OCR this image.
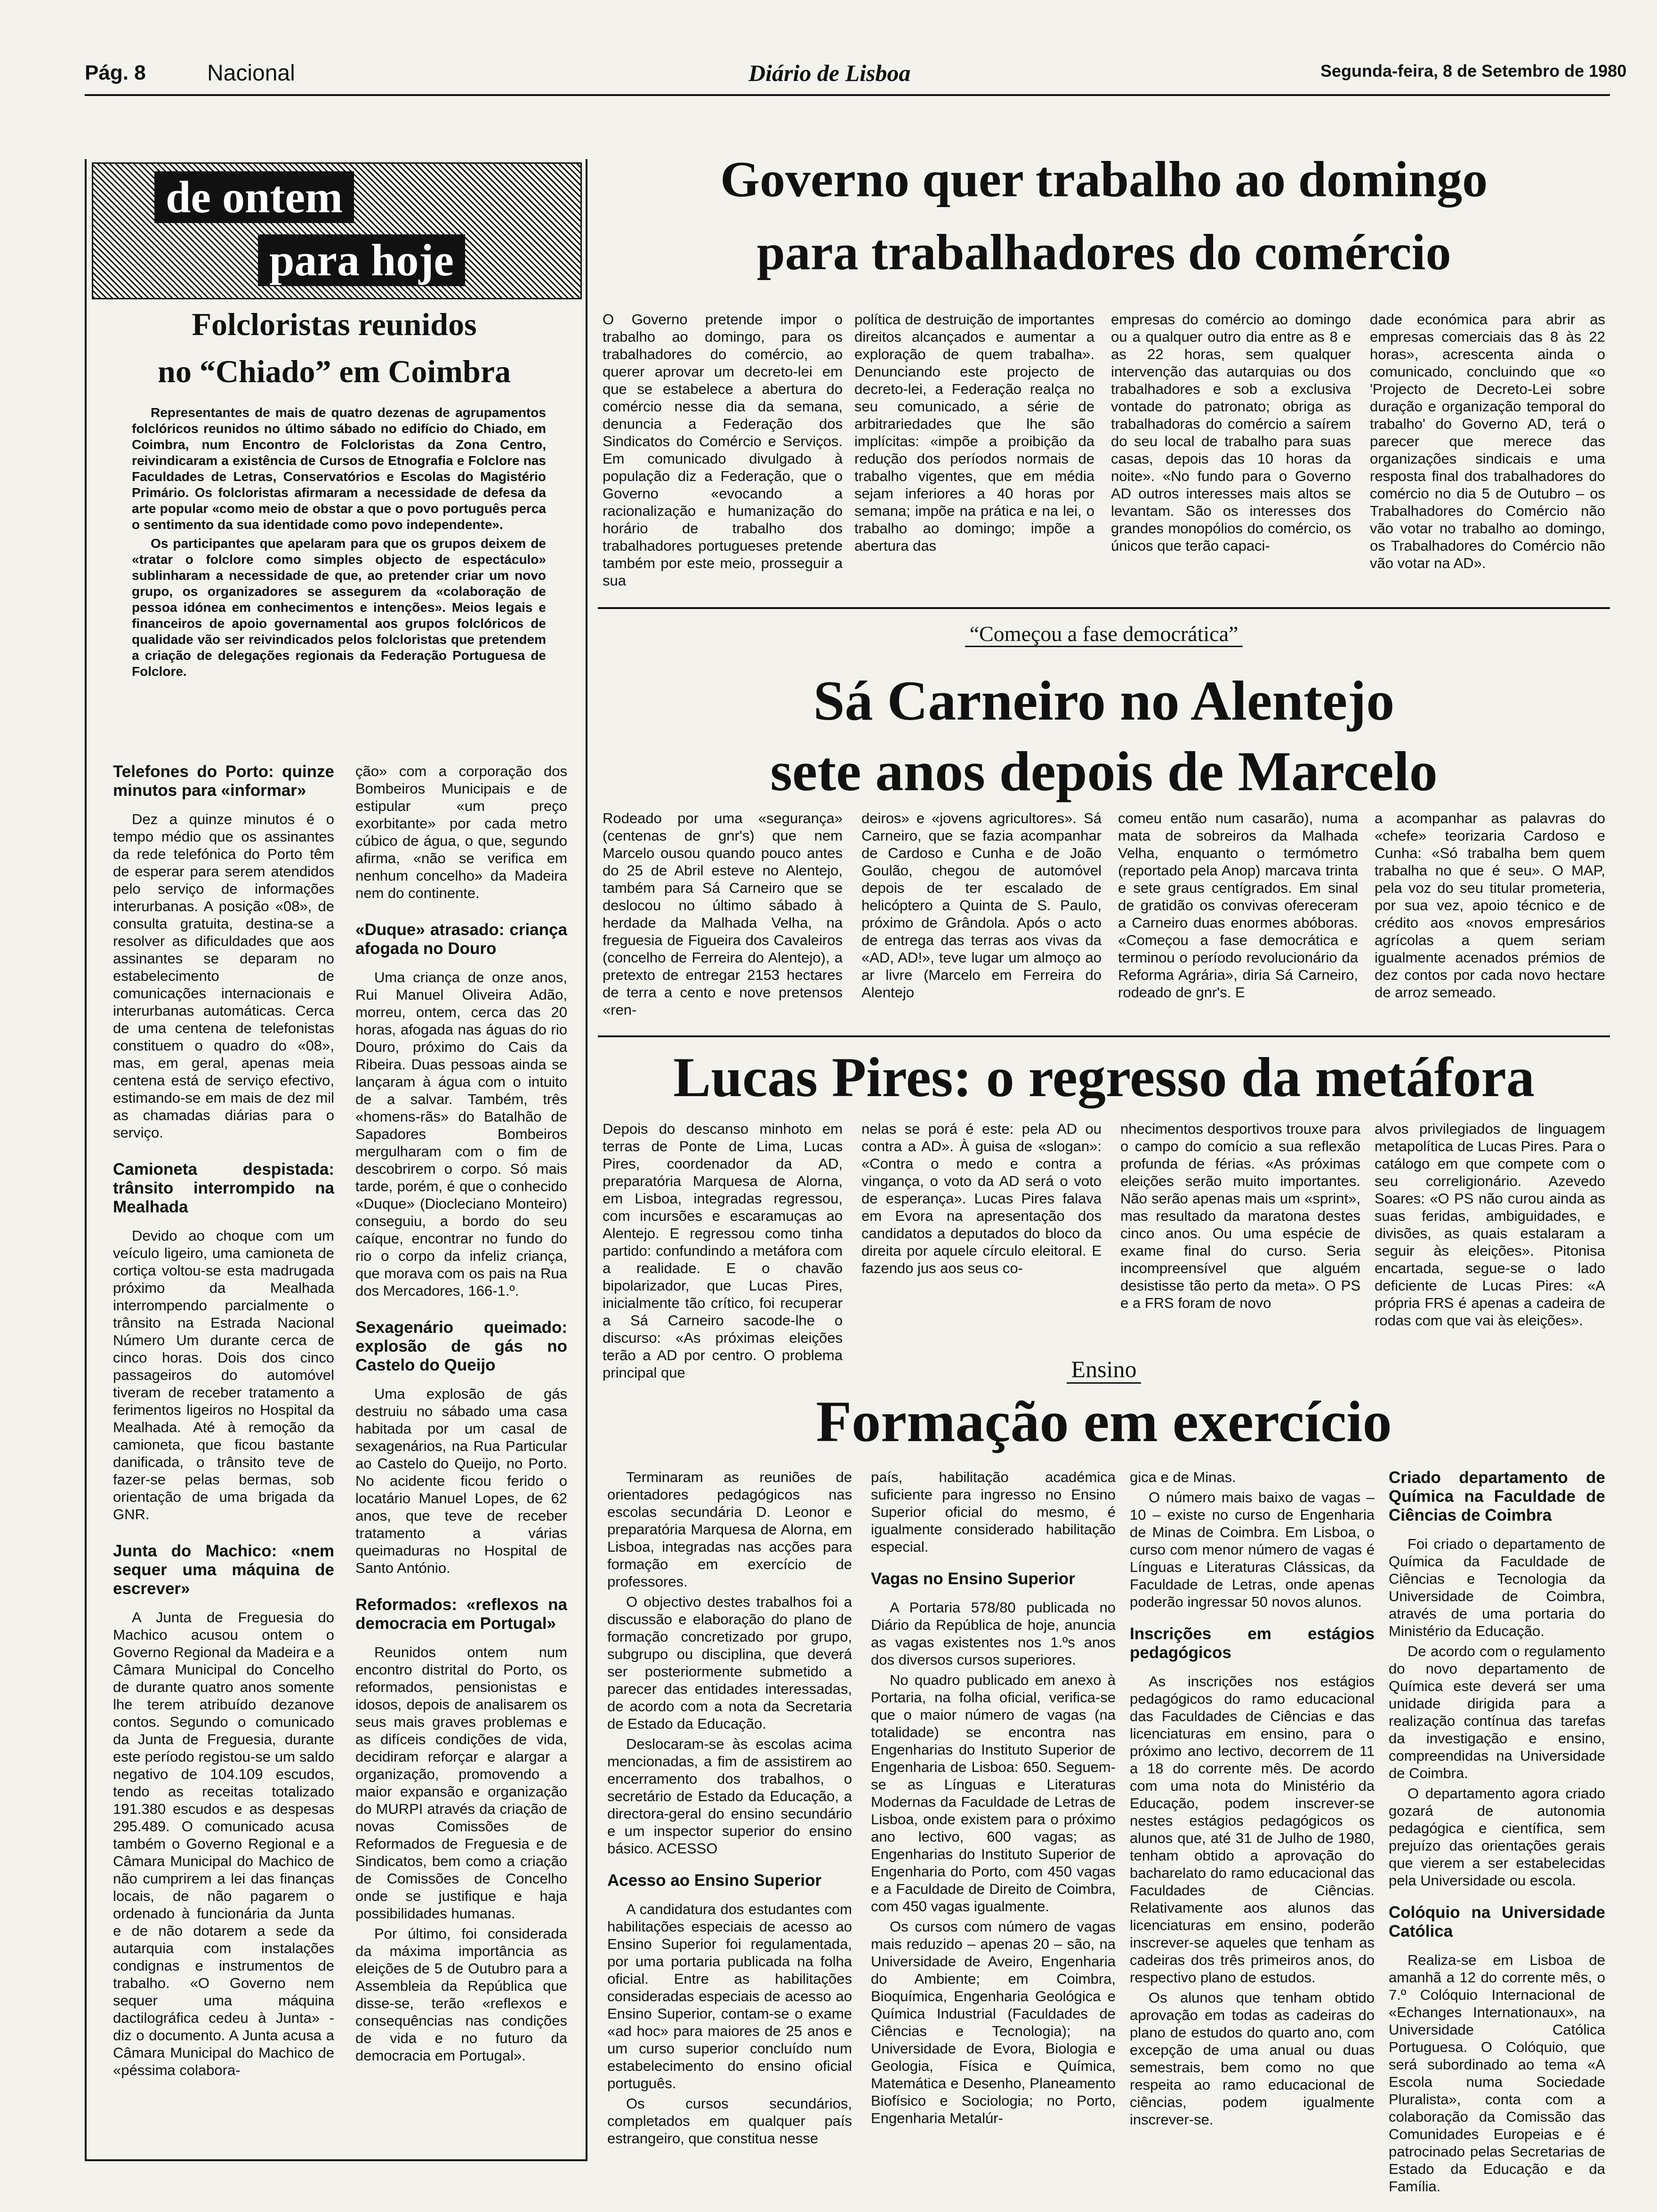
Pág. 8	Nacional	Diário de Lisboa	Segunda-feira, 8 de Setembro de 1980
de ontem
para hoje
Folcloristas reunidos
no “Chiado” em Coimbra

Representantes de mais de quatro dezenas de agrupamentos folclóricos reunidos no último sábado no edifício do Chiado, em Coimbra, num Encontro de Folcloristas da Zona Centro, reivindicaram a existência de Cursos de Etnografia e Folclore nas Faculdades de Letras, Conservatórios e Escolas do Magistério Primário. Os folcloristas afirmaram a necessidade de defesa da arte popular «como meio de obstar a que o povo português perca o sentimento da sua identidade como povo independente».

Os participantes que apelaram para que os grupos deixem de «tratar o folclore como simples objecto de espectáculo» sublinharam a necessidade de que, ao pretender criar um novo grupo, os organizadores se assegurem da «colaboração de pessoa idónea em conhecimentos e intenções». Meios legais e financeiros de apoio governamental aos grupos folclóricos de qualidade vão ser reivindicados pelos folcloristas que pretendem a criação de delegações regionais da Federação Portuguesa de Folclore.

Telefones do Porto: quinze minutos para «informar»

Dez a quinze minutos é o tempo médio que os assinantes da rede telefónica do Porto têm de esperar para serem atendidos pelo serviço de informações interurbanas. A posição «08», de consulta gratuita, destina-se a resolver as dificuldades que aos assinantes se deparam no estabelecimento de comunicações internacionais e interurbanas automáticas. Cerca de uma centena de telefonistas constituem o quadro do «08», mas, em geral, apenas meia centena está de serviço efectivo, estimando-se em mais de dez mil as chamadas diárias para o serviço.

Camioneta despistada: trânsito interrompido na Mealhada

Devido ao choque com um veículo ligeiro, uma camioneta de cortiça voltou-se esta madrugada próximo da Mealhada interrompendo parcialmente o trânsito na Estrada Nacional Número Um durante cerca de cinco horas. Dois dos cinco passageiros do automóvel tiveram de receber tratamento a ferimentos ligeiros no Hospital da Mealhada. Até à remoção da camioneta, que ficou bastante danificada, o trânsito teve de fazer-se pelas bermas, sob orientação de uma brigada da GNR.

Junta do Machico: «nem sequer uma máquina de escrever»

A Junta de Freguesia do Machico acusou ontem o Governo Regional da Madeira e a Câmara Municipal do Concelho de durante quatro anos somente lhe terem atribuído dezanove contos. Segundo o comunicado da Junta de Freguesia, durante este período registou-se um saldo negativo de 104.109 escudos, tendo as receitas totalizado 191.380 escudos e as despesas 295.489. O comunicado acusa também o Governo Regional e a Câmara Municipal do Machico de não cumprirem a lei das finanças locais, de não pagarem o ordenado à funcionária da Junta e de não dotarem a sede da autarquia com instalações condignas e instrumentos de trabalho. «O Governo nem sequer uma máquina dactilográfica cedeu à Junta» - diz o documento. A Junta acusa a Câmara Municipal do Machico de «péssima colabora-

ção» com a corporação dos Bombeiros Municipais e de estipular «um preço exorbitante» por cada metro cúbico de água, o que, segundo afirma, «não se verifica em nenhum concelho» da Madeira nem do continente.

«Duque» atrasado: criança afogada no Douro

Uma criança de onze anos, Rui Manuel Oliveira Adão, morreu, ontem, cerca das 20 horas, afogada nas águas do rio Douro, próximo do Cais da Ribeira. Duas pessoas ainda se lançaram à água com o intuito de a salvar. Também, três «homens-rãs» do Batalhão de Sapadores Bombeiros mergulharam com o fim de descobrirem o corpo. Só mais tarde, porém, é que o conhecido «Duque» (Diocleciano Monteiro) conseguiu, a bordo do seu caíque, encontrar no fundo do rio o corpo da infeliz criança, que morava com os pais na Rua dos Mercadores, 166-1.º.

Sexagenário queimado: explosão de gás no Castelo do Queijo

Uma explosão de gás destruiu no sábado uma casa habitada por um casal de sexagenários, na Rua Particular ao Castelo do Queijo, no Porto. No acidente ficou ferido o locatário Manuel Lopes, de 62 anos, que teve de receber tratamento a várias queimaduras no Hospital de Santo António.

Reformados: «reflexos na democracia em Portugal»

Reunidos ontem num encontro distrital do Porto, os reformados, pensionistas e idosos, depois de analisarem os seus mais graves problemas e as difíceis condições de vida, decidiram reforçar e alargar a organização, promovendo a maior expansão e organização do MURPI através da criação de novas Comissões de Reformados de Freguesia e de Sindicatos, bem como a criação de Comissões de Concelho onde se justifique e haja possibilidades humanas.

Por último, foi considerada da máxima importância as eleições de 5 de Outubro para a Assembleia da República que disse-se, terão «reflexos e consequências nas condições de vida e no futuro da democracia em Portugal».

Governo quer trabalho ao domingo
para trabalhadores do comércio
O Governo pretende impor o trabalho ao domingo, para os trabalhadores do comércio, ao querer aprovar um decreto-lei em que se estabelece a abertura do comércio nesse dia da semana, denuncia a Federação dos Sindicatos do Comércio e Serviços. Em comunicado divulgado à população diz a Federação, que o Governo «evocando a racionalização e humanização do horário de trabalho dos trabalhadores portugueses pretende também por este meio, prosseguir a sua
política de destruição de importantes direitos alcançados e aumentar a exploração de quem trabalha». Denunciando este projecto de decreto-lei, a Federação realça no seu comunicado, a série de arbitrariedades que lhe são implícitas: «impõe a proibição da redução dos períodos normais de trabalho vigentes, que em média sejam inferiores a 40 horas por semana; impõe na prática e na lei, o trabalho ao domingo; impõe a abertura das
empresas do comércio ao domingo ou a qualquer outro dia entre as 8 e as 22 horas, sem qualquer intervenção das autarquias ou dos trabalhadores e sob a exclusiva vontade do patronato; obriga as trabalhadoras do comércio a saírem do seu local de trabalho para suas casas, depois das 10 horas da noite». «No fundo para o Governo AD outros interesses mais altos se levantam. São os interesses dos grandes monopólios do comércio, os únicos que terão capaci-
dade económica para abrir as empresas comerciais das 8 às 22 horas», acrescenta ainda o comunicado, concluindo que «o 'Projecto de Decreto-Lei sobre duração e organização temporal do trabalho' do Governo AD, terá o parecer que merece das organizações sindicais e uma resposta final dos trabalhadores do comércio no dia 5 de Outubro – os Trabalhadores do Comércio não vão votar no trabalho ao domingo, os Trabalhadores do Comércio não vão votar na AD».
“Começou a fase democrática”
Sá Carneiro no Alentejo
sete anos depois de Marcelo
Rodeado por uma «segurança» (centenas de gnr's) que nem Marcelo ousou quando pouco antes do 25 de Abril esteve no Alentejo, também para Sá Carneiro que se deslocou no último sábado à herdade da Malhada Velha, na freguesia de Figueira dos Cavaleiros (concelho de Ferreira do Alentejo), a pretexto de entregar 2153 hectares de terra a cento e nove pretensos «ren-
deiros» e «jovens agricultores». Sá Carneiro, que se fazia acompanhar de Cardoso e Cunha e de João Goulão, chegou de automóvel depois de ter escalado de helicóptero a Quinta de S. Paulo, próximo de Grândola. Após o acto de entrega das terras aos vivas da «AD, AD!», teve lugar um almoço ao ar livre (Marcelo em Ferreira do Alentejo
comeu então num casarão), numa mata de sobreiros da Malhada Velha, enquanto o termómetro (reportado pela Anop) marcava trinta e sete graus centígrados. Em sinal de gratidão os convivas ofereceram a Carneiro duas enormes abóboras. «Começou a fase democrática e terminou o período revolucionário da Reforma Agrária», diria Sá Carneiro, rodeado de gnr's. E
a acompanhar as palavras do «chefe» teorizaria Cardoso e Cunha: «Só trabalha bem quem trabalha no que é seu». O MAP, pela voz do seu titular prometeria, por sua vez, apoio técnico e de crédito aos «novos empresários agrícolas a quem seriam igualmente acenados prémios de dez contos por cada novo hectare de arroz semeado.
Lucas Pires: o regresso da metáfora
Depois do descanso minhoto em terras de Ponte de Lima, Lucas Pires, coordenador da AD, preparatória Marquesa de Alorna, em Lisboa, integradas regressou, com incursões e escaramuças ao Alentejo. E regressou como tinha partido: confundindo a metáfora com a realidade. E o chavão bipolarizador, que Lucas Pires, inicialmente tão crítico, foi recuperar a Sá Carneiro sacode-lhe o discurso: «As próximas eleições terão a AD por centro. O problema principal que
nelas se porá é este: pela AD ou contra a AD». À guisa de «slogan»: «Contra o medo e contra a vingança, o voto da AD será o voto de esperança». Lucas Pires falava em Evora na apresentação dos candidatos a deputados do bloco da direita por aquele círculo eleitoral. E fazendo jus aos seus co-
nhecimentos desportivos trouxe para o campo do comício a sua reflexão profunda de férias. «As próximas eleições serão muito importantes. Não serão apenas mais um «sprint», mas resultado da maratona destes cinco anos. Ou uma espécie de exame final do curso. Seria incompreensível que alguém desistisse tão perto da meta». O PS e a FRS foram de novo
alvos privilegiados de linguagem metapolítica de Lucas Pires. Para o catálogo em que compete com o seu correligionário. Azevedo Soares: «O PS não curou ainda as suas feridas, ambiguidades, e divisões, as quais estalaram a seguir às eleições». Pitonisa encartada, segue-se o lado deficiente de Lucas Pires: «A própria FRS é apenas a cadeira de rodas com que vai às eleições».
Ensino
Formação em exercício

Terminaram as reuniões de orientadores pedagógicos nas escolas secundária D. Leonor e preparatória Marquesa de Alorna, em Lisboa, integradas nas acções para formação em exercício de professores.

O objectivo destes trabalhos foi a discussão e elaboração do plano de formação concretizado por grupo, subgrupo ou disciplina, que deverá ser posteriormente submetido a parecer das entidades interessadas, de acordo com a nota da Secretaria de Estado da Educação.

Deslocaram-se às escolas acima mencionadas, a fim de assistirem ao encerramento dos trabalhos, o secretário de Estado da Educação, a directora-geral do ensino secundário e um inspector superior do ensino básico. ACESSO

Acesso ao Ensino Superior

A candidatura dos estudantes com habilitações especiais de acesso ao Ensino Superior foi regulamentada, por uma portaria publicada na folha oficial. Entre as habilitações consideradas especiais de acesso ao Ensino Superior, contam-se o exame «ad hoc» para maiores de 25 anos e um curso superior concluído num estabelecimento do ensino oficial português.

Os cursos secundários, completados em qualquer país estrangeiro, que constitua nesse

país, habilitação académica suficiente para ingresso no Ensino Superior oficial do mesmo, é igualmente considerado habilitação especial.

Vagas no Ensino Superior

A Portaria 578/80 publicada no Diário da República de hoje, anuncia as vagas existentes nos 1.ºs anos dos diversos cursos superiores.

No quadro publicado em anexo à Portaria, na folha oficial, verifica-se que o maior número de vagas (na totalidade) se encontra nas Engenharias do Instituto Superior de Engenharia de Lisboa: 650. Seguem-se as Línguas e Literaturas Modernas da Faculdade de Letras de Lisboa, onde existem para o próximo ano lectivo, 600 vagas; as Engenharias do Instituto Superior de Engenharia do Porto, com 450 vagas e a Faculdade de Direito de Coimbra, com 450 vagas igualmente.

Os cursos com número de vagas mais reduzido – apenas 20 – são, na Universidade de Aveiro, Engenharia do Ambiente; em Coimbra, Bioquímica, Engenharia Geológica e Química Industrial (Faculdades de Ciências e Tecnologia); na Universidade de Evora, Biologia e Geologia, Física e Química, Matemática e Desenho, Planeamento Biofísico e Sociologia; no Porto, Engenharia Metalúr-

gica e de Minas.

O número mais baixo de vagas – 10 – existe no curso de Engenharia de Minas de Coimbra. Em Lisboa, o curso com menor número de vagas é Línguas e Literaturas Clássicas, da Faculdade de Letras, onde apenas poderão ingressar 50 novos alunos.

Inscrições em estágios pedagógicos

As inscrições nos estágios pedagógicos do ramo educacional das Faculdades de Ciências e das licenciaturas em ensino, para o próximo ano lectivo, decorrem de 11 a 18 do corrente mês. De acordo com uma nota do Ministério da Educação, podem inscrever-se nestes estágios pedagógicos os alunos que, até 31 de Julho de 1980, tenham obtido a aprovação do bacharelato do ramo educacional das Faculdades de Ciências. Relativamente aos alunos das licenciaturas em ensino, poderão inscrever-se aqueles que tenham as cadeiras dos três primeiros anos, do respectivo plano de estudos.

Os alunos que tenham obtido aprovação em todas as cadeiras do plano de estudos do quarto ano, com excepção de uma anual ou duas semestrais, bem como no que respeita ao ramo educacional de ciências, podem igualmente inscrever-se.

Criado departamento de Química na Faculdade de Ciências de Coimbra

Foi criado o departamento de Química da Faculdade de Ciências e Tecnologia da Universidade de Coimbra, através de uma portaria do Ministério da Educação.

De acordo com o regulamento do novo departamento de Química este deverá ser uma unidade dirigida para a realização contínua das tarefas da investigação e ensino, compreendidas na Universidade de Coimbra.

O departamento agora criado gozará de autonomia pedagógica e científica, sem prejuízo das orientações gerais que vierem a ser estabelecidas pela Universidade ou escola.

Colóquio na Universidade Católica

Realiza-se em Lisboa de amanhã a 12 do corrente mês, o 7.º Colóquio Internacional de «Echanges Internationaux», na Universidade Católica Portuguesa. O Colóquio, que será subordinado ao tema «A Escola numa Sociedade Pluralista», conta com a colaboração da Comissão das Comunidades Europeias e é patrocinado pelas Secretarias de Estado da Educação e da Família.
